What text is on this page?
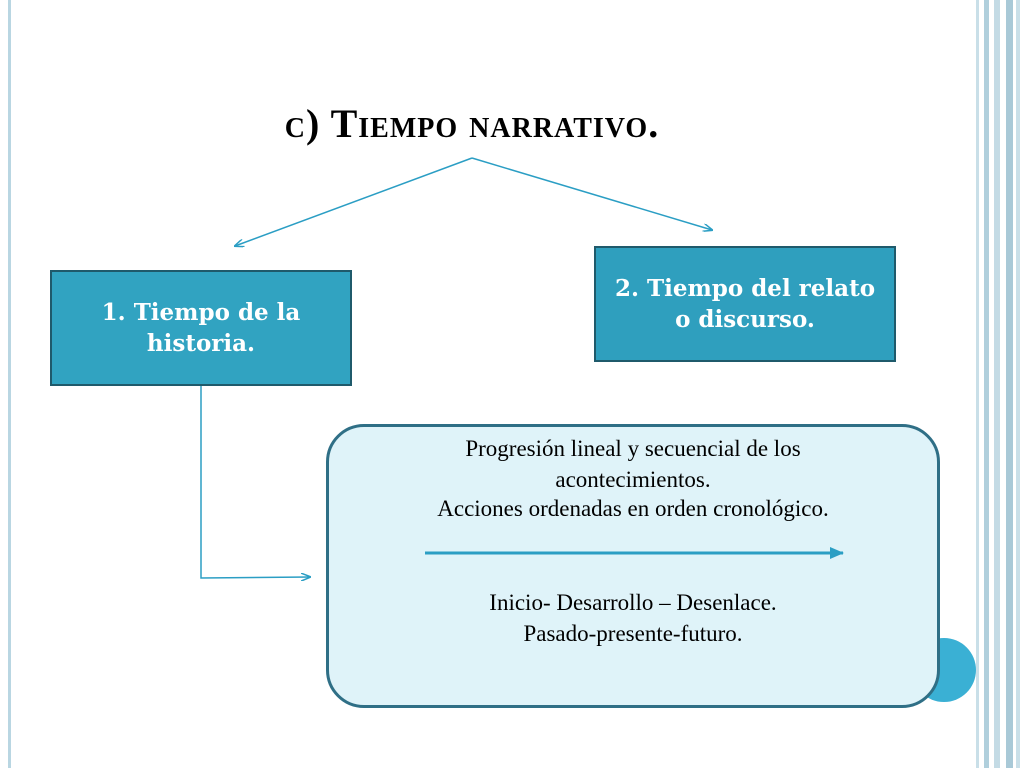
c) Tiempo narrativo.
1. Tiempo de la historia.
2. Tiempo del relato o discurso.
Progresión lineal y secuencial de los acontecimientos.
Acciones ordenadas en orden cronológico.
Inicio- Desarrollo – Desenlace.
Pasado-presente-futuro.
